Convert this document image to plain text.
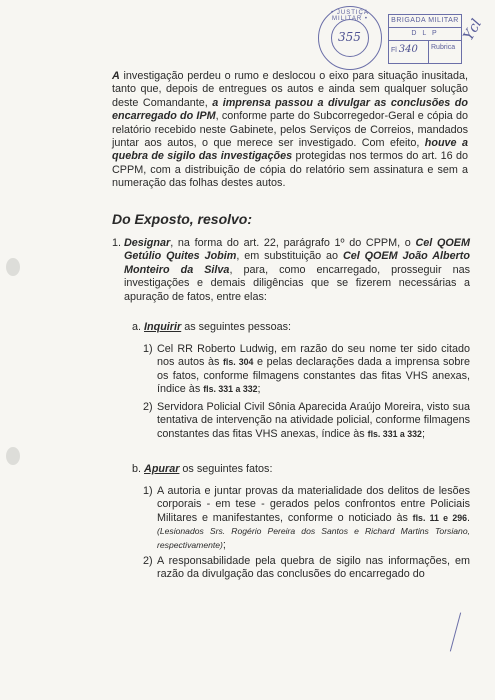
• JUSTIÇA MILITAR •
355
BRIGADA MILITAR
D L P
Fl 340	Rubrica
Ycl
A investigação perdeu o rumo e deslocou o eixo para situação inusitada, tanto que, depois de entregues os autos e ainda sem qualquer solução deste Comandante, a imprensa passou a divulgar as conclusões do encarregado do IPM, conforme parte do Subcorregedor-Geral e cópia do relatório recebido neste Gabinete, pelos Serviços de Correios, mandados juntar aos autos, o que merece ser investigado. Com efeito, houve a quebra de sigilo das investigações protegidas nos termos do art. 16 do CPPM, com a distribuição de cópia do relatório sem assinatura e sem a numeração das folhas destes autos.
Do Exposto, resolvo:
1. Designar, na forma do art. 22, parágrafo 1º do CPPM, o Cel QOEM Getúlio Quites Jobim, em substituição ao Cel QOEM João Alberto Monteiro da Silva, para, como encarregado, prosseguir nas investigações e demais diligências que se fizerem necessárias a apuração de fatos, entre elas:
a. Inquirir as seguintes pessoas:
1) Cel RR Roberto Ludwig, em razão do seu nome ter sido citado nos autos às fls. 304 e pelas declarações dada a imprensa sobre os fatos, conforme filmagens constantes das fitas VHS anexas, índice às fls. 331 a 332;
2) Servidora Policial Civil Sônia Aparecida Araújo Moreira, visto sua tentativa de intervenção na atividade policial, conforme filmagens constantes das fitas VHS anexas, índice às fls. 331 a 332;
b. Apurar os seguintes fatos:
1) A autoria e juntar provas da materialidade dos delitos de lesões corporais - em tese - gerados pelos confrontos entre Policiais Militares e manifestantes, conforme o noticiado às fls. 11 e 296. (Lesionados Srs. Rogério Pereira dos Santos e Richard Martins Torsiano, respectivamente);
2) A responsabilidade pela quebra de sigilo nas informações, em razão da divulgação das conclusões do encarregado do
